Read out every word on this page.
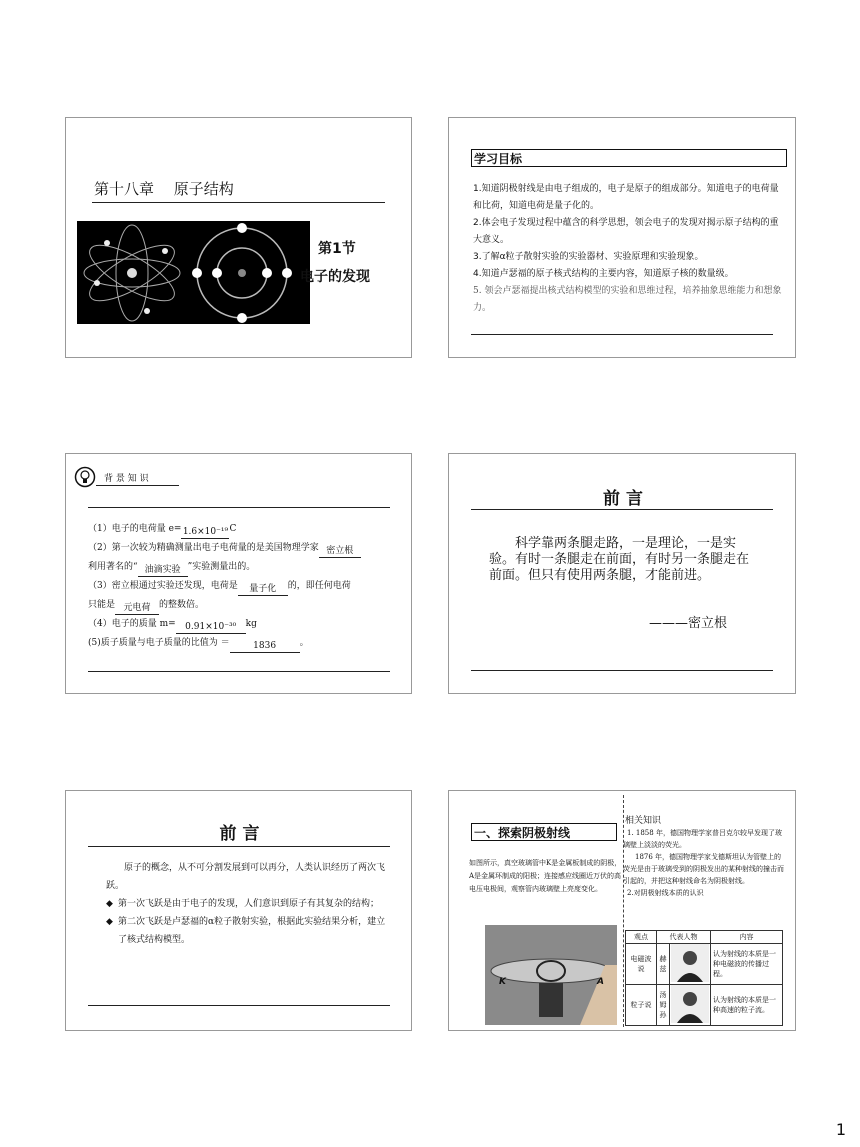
第十八章　 原子结构
第1节
电子的发现
学习目标
1.知道阴极射线是由电子组成的，电子是原子的组成部分。知道电子的电荷量和比荷，知道电荷是量子化的。
2.体会电子发现过程中蕴含的科学思想，领会电子的发现对揭示原子结构的重大意义。
3.了解α粒子散射实验的实验器材、实验原理和实验现象。
4.知道卢瑟福的原子核式结构的主要内容，知道原子核的数量级。
5. 领会卢瑟福提出核式结构模型的实验和思维过程，培养抽象思维能力和想象力。
背 景 知 识
（1）电子的电荷量 e=1.6×10⁻¹⁹C
（2）第一次较为精确测量出电子电荷量的是美国物理学家 密立根
利用著名的“ 油滴实验 ”实验测量出的。
（3）密立根通过实验还发现，电荷是 量子化 的，即任何电荷
只能是 元电荷 的整数倍。
（4）电子的质量 m= 0.91×10⁻³⁰ kg
(5)质子质量与电子质量的比值为 ＝	1836	。
前 言
科学靠两条腿走路，一是理论，一是实验。有时一条腿走在前面，有时另一条腿走在前面。但只有使用两条腿，才能前进。
———密立根
前 言
原子的概念，从不可分割发展到可以再分，人类认识经历了两次飞跃。
◆ 第一次飞跃是由于电子的发现，人们意识到原子有其复杂的结构；
◆ 第二次飞跃是卢瑟福的α粒子散射实验，根据此实验结果分析，建立了核式结构模型。
一、探索阴极射线
如图所示，真空玻璃管中K是金属板制成的阴极，A是金属环制成的阳极；连接感应线圈近万伏的高电压电极间，观察管内玻璃壁上亮度变化。
K	A
相关知识
1. 1858 年，德国物理学家普吕克尔较早发现了玻璃壁上淡淡的荧光。
1876 年，德国物理学家戈德斯坦认为管壁上的荧光是由于玻璃受到的阴极发出的某种射线的撞击而引起的，并把这种射线命名为阴极射线。
2.对阴极射线本质的认识
观点	代表人物		内容
电磁波说	赫兹		认为射线的本质是一种电磁波的传播过程。
粒子说	汤姆孙		认为射线的本质是一种高速的粒子流。
1
